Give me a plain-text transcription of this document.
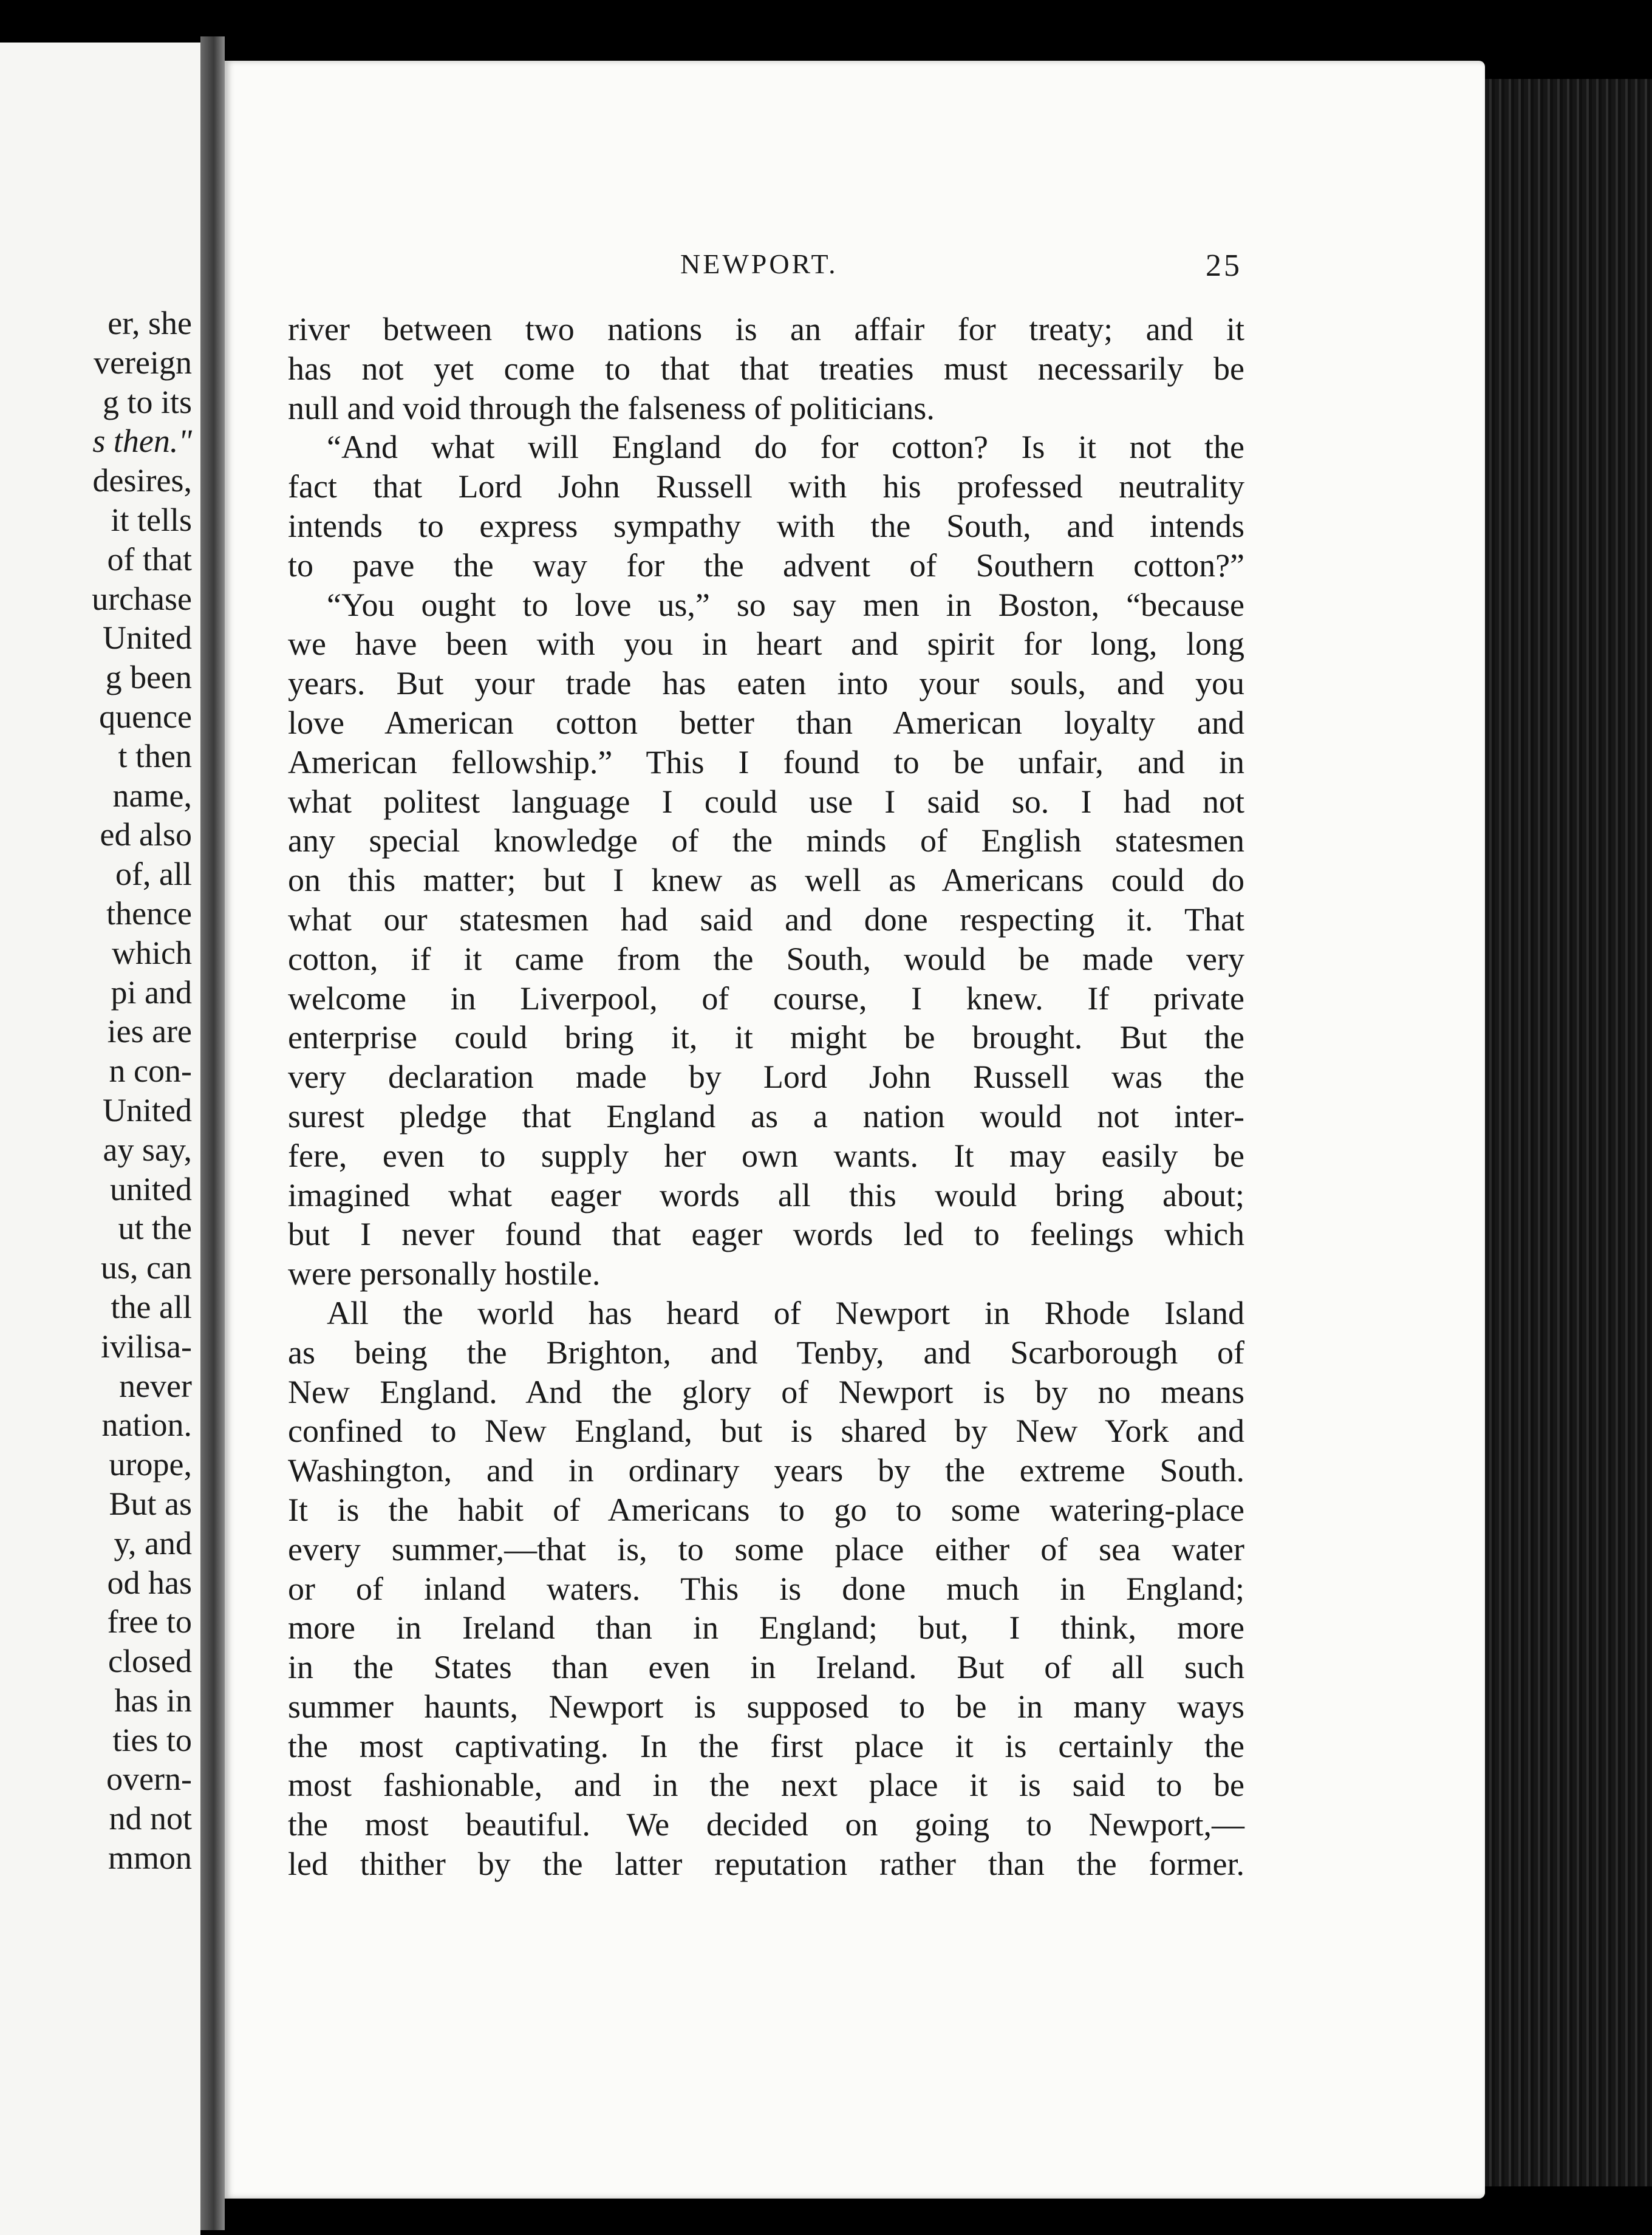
er, she
vereign
g to its
s then."
desires,
it tells
of that
urchase
United
g been
quence
t then
name,
ed also
of, all
thence
which
pi and
ies are
n con-
United
ay say,
united
ut the
us, can
the all
ivilisa-
never
nation.
urope,
But as
y, and
od has
free to
closed
has in
ties to
overn-
nd not
mmon
NEWPORT.	25
river between two nations is an affair for treaty; and it
has not yet come to that that treaties must necessarily be
null and void through the falseness of politicians.
“And what will England do for cotton? Is it not the
fact that Lord John Russell with his professed neutrality
intends to express sympathy with the South, and intends
to pave the way for the advent of Southern cotton?”
“You ought to love us,” so say men in Boston, “because
we have been with you in heart and spirit for long, long
years. But your trade has eaten into your souls, and you
love American cotton better than American loyalty and
American fellowship.” This I found to be unfair, and in
what politest language I could use I said so. I had not
any special knowledge of the minds of English statesmen
on this matter; but I knew as well as Americans could do
what our statesmen had said and done respecting it. That
cotton, if it came from the South, would be made very
welcome in Liverpool, of course, I knew. If private
enterprise could bring it, it might be brought. But the
very declaration made by Lord John Russell was the
surest pledge that England as a nation would not inter-
fere, even to supply her own wants. It may easily be
imagined what eager words all this would bring about;
but I never found that eager words led to feelings which
were personally hostile.
All the world has heard of Newport in Rhode Island
as being the Brighton, and Tenby, and Scarborough of
New England. And the glory of Newport is by no means
confined to New England, but is shared by New York and
Washington, and in ordinary years by the extreme South.
It is the habit of Americans to go to some watering-place
every summer,—that is, to some place either of sea water
or of inland waters. This is done much in England;
more in Ireland than in England; but, I think, more
in the States than even in Ireland. But of all such
summer haunts, Newport is supposed to be in many ways
the most captivating. In the first place it is certainly the
most fashionable, and in the next place it is said to be
the most beautiful. We decided on going to Newport,—
led thither by the latter reputation rather than the former.
